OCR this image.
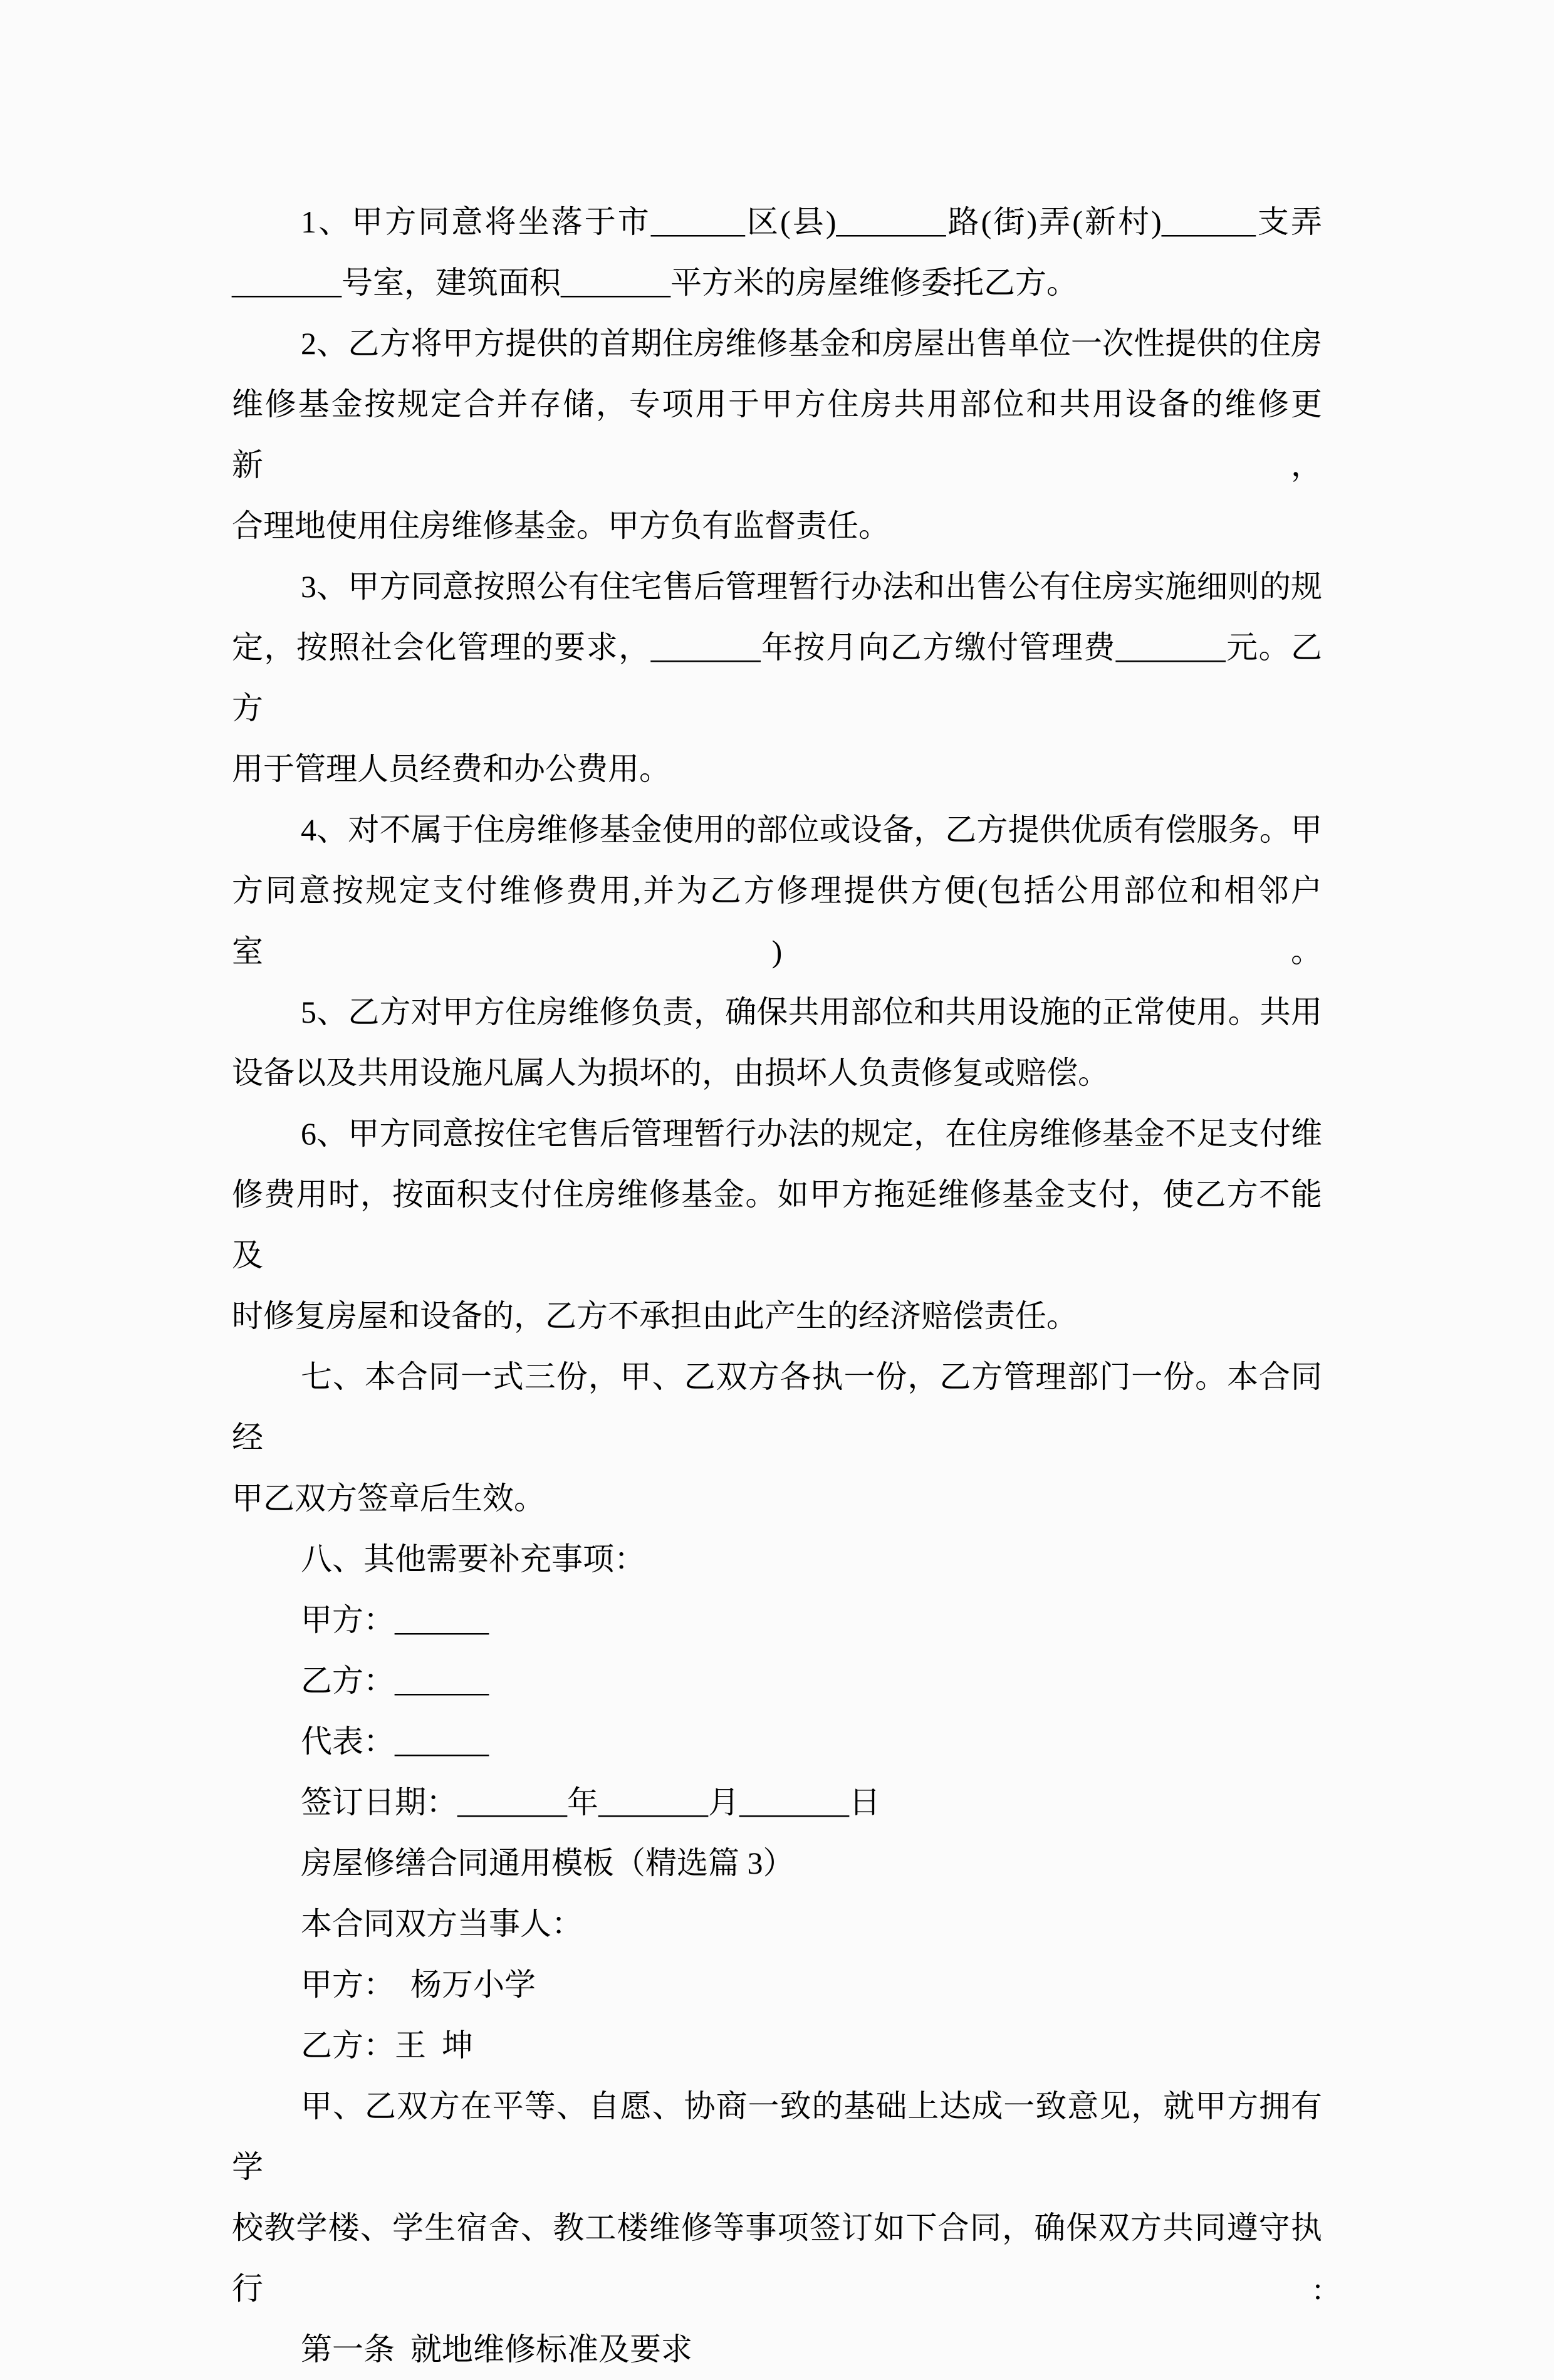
1、甲方同意将坐落于市______区(县)_______路(街)弄(新村)______支弄
_______号室，建筑面积_______平方米的房屋维修委托乙方。
2、乙方将甲方提供的首期住房维修基金和房屋出售单位一次性提供的住房
维修基金按规定合并存储，专项用于甲方住房共用部位和共用设备的维修更新，
合理地使用住房维修基金。甲方负有监督责任。
3、甲方同意按照公有住宅售后管理暂行办法和出售公有住房实施细则的规
定，按照社会化管理的要求，_______年按月向乙方缴付管理费_______元。乙方
用于管理人员经费和办公费用。
4、对不属于住房维修基金使用的部位或设备，乙方提供优质有偿服务。甲
方同意按规定支付维修费用,并为乙方修理提供方便(包括公用部位和相邻户室)。
5、乙方对甲方住房维修负责，确保共用部位和共用设施的正常使用。共用
设备以及共用设施凡属人为损坏的，由损坏人负责修复或赔偿。
6、甲方同意按住宅售后管理暂行办法的规定，在住房维修基金不足支付维
修费用时，按面积支付住房维修基金。如甲方拖延维修基金支付，使乙方不能及
时修复房屋和设备的，乙方不承担由此产生的经济赔偿责任。
七、本合同一式三份，甲、乙双方各执一份，乙方管理部门一份。本合同经
甲乙双方签章后生效。
八、其他需要补充事项：
甲方：______
乙方：______
代表：______
签订日期：_______年_______月_______日
房屋修缮合同通用模板（精选篇 3）
本合同双方当事人：
甲方：  杨万小学
乙方：王  坤
甲、乙双方在平等、自愿、协商一致的基础上达成一致意见，就甲方拥有学
校教学楼、学生宿舍、教工楼维修等事项签订如下合同，确保双方共同遵守执行:
第一条  就地维修标准及要求
